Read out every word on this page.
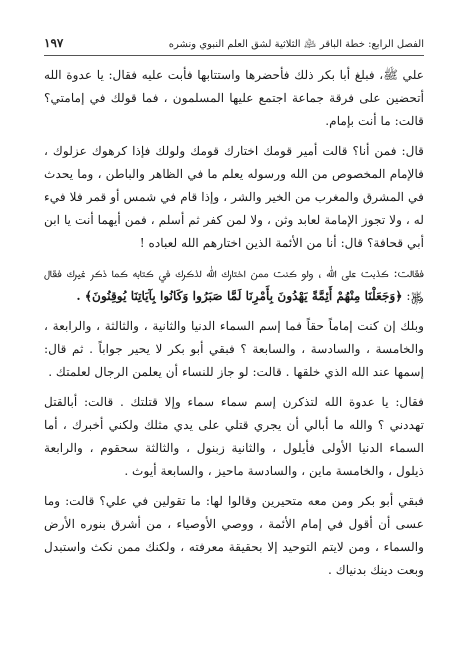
الفصل الرابع: خطة الباقر ﵇ الثلاثية لشق العلم النبوي ونشره
١٩٧

علي ﷺ، فبلغ أبا بكر ذلك فأحضرها واستتابها فأبت عليه فقال: يا عدوة الله أتحضين على فرقة جماعة اجتمع عليها المسلمون ، فما قولك في إمامتي؟ قالت: ما أنت بإمام.

قال: فمن أنا؟ قالت أمير قومك اختارك قومك ولولك فإذا كرهوك عزلوك ، فالإمام المخصوص من الله ورسوله يعلم ما في الظاهر والباطن ، وما يحدث في المشرق والمغرب من الخير والشر ، وإذا قام في شمس أو قمر فلا فيء له ، ولا تجوز الإمامة لعابد وثن ، ولا لمن كفر ثم أسلم ، فمن أيهما أنت يا ابن أبي قحافة؟ قال: أنا من الأئمة الذين اختارهم الله لعباده !

فقالت: كذبت على الله ، ولو كنت ممن اختارك الله لذكرك في كتابه كما ذكر غيرك فقال ﷿: ﴿وَجَعَلْنَا مِنْهُمْ أَئِمَّةً يَهْدُونَ بِأَمْرِنَا لَمَّا صَبَرُوا وَكَانُوا بِآيَاتِنَا يُوقِنُونَ﴾ .

وبلك إن كنت إماماً حقاً فما إسم السماء الدنيا والثانية ، والثالثة ، والرابعة ، والخامسة ، والسادسة ، والسابعة ؟ فبقي أبو بكر لا يحير جواباً . ثم قال: إسمها عند الله الذي خلقها . قالت: لو جاز للنساء أن يعلمن الرجال لعلمتك .

فقال: يا عدوة الله لتذكرن إسم سماء سماء وإلا قتلتك . قالت: أبالقتل تهددني ؟ والله ما أبالي أن يجري قتلي على يدي مثلك ولكني أخبرك ، أما السماء الدنيا الأولى فأيلول ، والثانية زبنول ، والثالثة سحقوم ، والرابعة ذيلول ، والخامسة ماين ، والسادسة ماحيز ، والسابعة أيوث .

فبقي أبو بكر ومن معه متحيرين وقالوا لها: ما تقولين في علي؟ قالت: وما عسى أن أقول في إمام الأئمة ، ووصي الأوصياء ، من أشرق بنوره الأرض والسماء ، ومن لايتم التوحيد إلا بحقيقة معرفته ، ولكنك ممن نكث واستبدل وبعت دينك بدنياك .
